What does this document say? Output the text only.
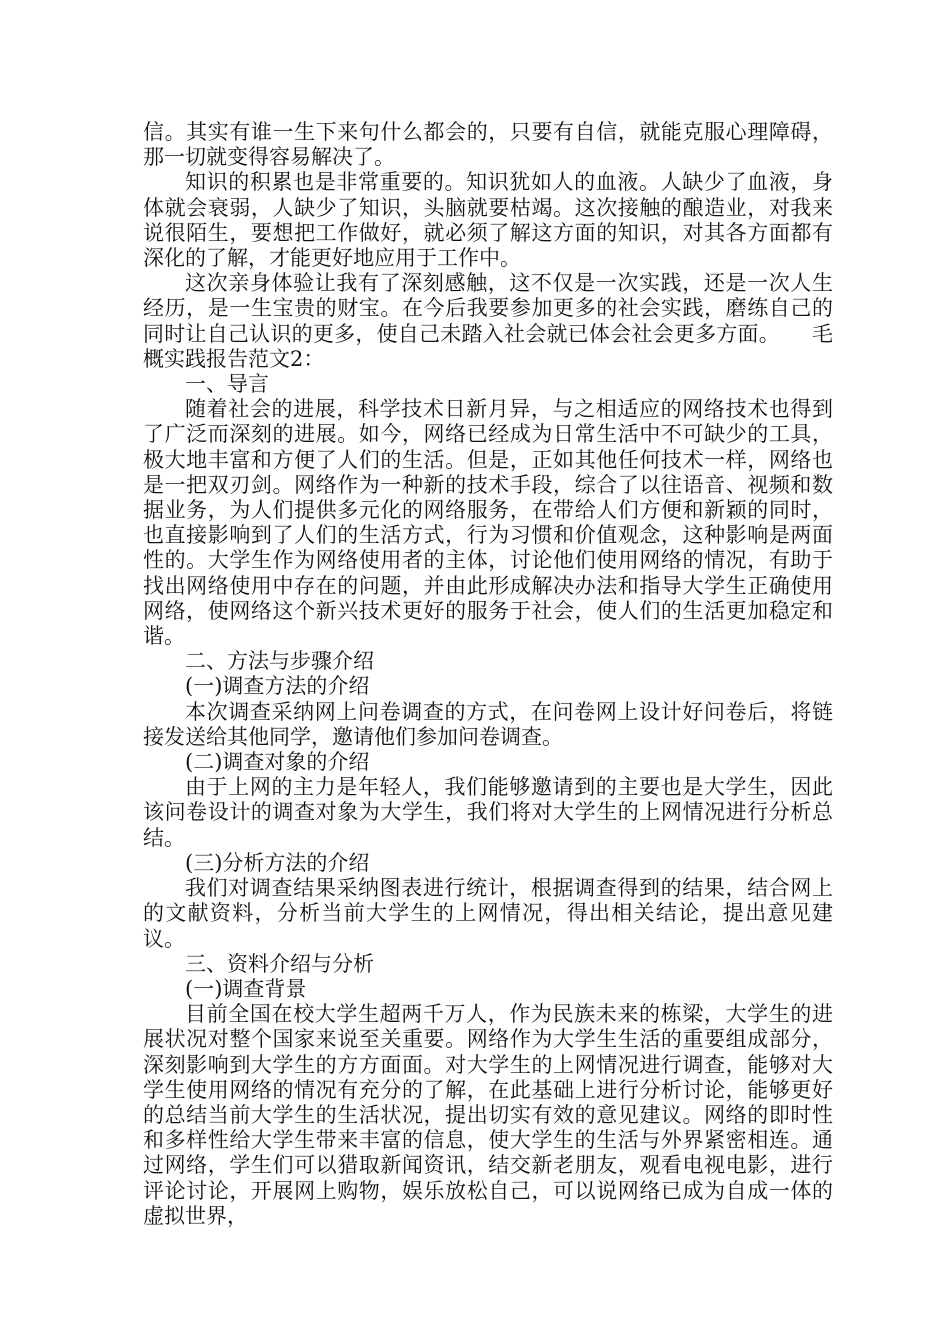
信。其实有谁一生下来句什么都会的，只要有自信，就能克服心理障碍，那一切就变得容易解决了。

知识的积累也是非常重要的。知识犹如人的血液。人缺少了血液，身体就会衰弱，人缺少了知识，头脑就要枯竭。这次接触的酿造业，对我来说很陌生，要想把工作做好，就必须了解这方面的知识，对其各方面都有深化的了解，才能更好地应用于工作中。

这次亲身体验让我有了深刻感触，这不仅是一次实践，还是一次人生经历，是一生宝贵的财宝。在今后我要参加更多的社会实践，磨练自己的同时让自己认识的更多，使自己未踏入社会就已体会社会更多方面。　　毛概实践报告范文2：

一、导言

随着社会的进展，科学技术日新月异，与之相适应的网络技术也得到了广泛而深刻的进展。如今，网络已经成为日常生活中不可缺少的工具，极大地丰富和方便了人们的生活。但是，正如其他任何技术一样，网络也是一把双刃剑。网络作为一种新的技术手段，综合了以往语音、视频和数据业务，为人们提供多元化的网络服务，在带给人们方便和新颖的同时，也直接影响到了人们的生活方式，行为习惯和价值观念，这种影响是两面性的。大学生作为网络使用者的主体，讨论他们使用网络的情况，有助于找出网络使用中存在的问题，并由此形成解决办法和指导大学生正确使用网络，使网络这个新兴技术更好的服务于社会，使人们的生活更加稳定和谐。

二、方法与步骤介绍

(一)调查方法的介绍

本次调查采纳网上问卷调查的方式，在问卷网上设计好问卷后，将链接发送给其他同学，邀请他们参加问卷调查。

(二)调查对象的介绍

由于上网的主力是年轻人，我们能够邀请到的主要也是大学生，因此该问卷设计的调查对象为大学生，我们将对大学生的上网情况进行分析总结。

(三)分析方法的介绍

我们对调查结果采纳图表进行统计，根据调查得到的结果，结合网上的文献资料，分析当前大学生的上网情况，得出相关结论，提出意见建议。

三、资料介绍与分析

(一)调查背景

目前全国在校大学生超两千万人，作为民族未来的栋梁，大学生的进展状况对整个国家来说至关重要。网络作为大学生生活的重要组成部分，深刻影响到大学生的方方面面。对大学生的上网情况进行调查，能够对大学生使用网络的情况有充分的了解，在此基础上进行分析讨论，能够更好的总结当前大学生的生活状况，提出切实有效的意见建议。网络的即时性和多样性给大学生带来丰富的信息，使大学生的生活与外界紧密相连。通过网络，学生们可以猎取新闻资讯，结交新老朋友，观看电视电影，进行评论讨论，开展网上购物，娱乐放松自己，可以说网络已成为自成一体的虚拟世界，
